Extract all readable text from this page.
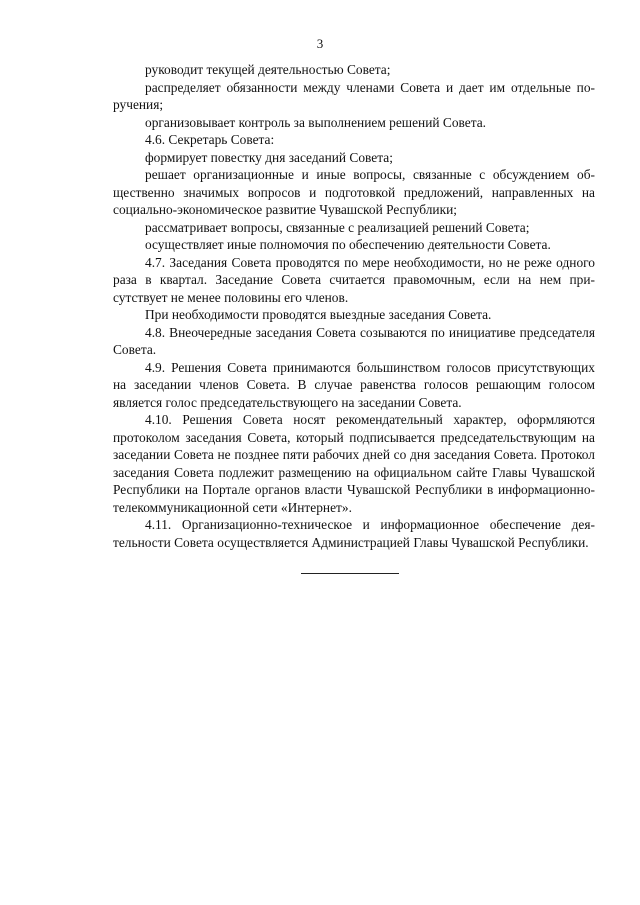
3

руководит текущей деятельностью Совета;

распределяет обязанности между членами Совета и дает им отдельные поручения;

организовывает контроль за выполнением решений Совета.

4.6. Секретарь Совета:

формирует повестку дня заседаний Совета;

решает организационные и иные вопросы, связанные с обсуждением общественно значимых вопросов и подготовкой предложений, направленных на социально-экономическое развитие Чувашской Республики;

рассматривает вопросы, связанные с реализацией решений Совета;

осуществляет иные полномочия по обеспечению деятельности Совета.

4.7. Заседания Совета проводятся по мере необходимости, но не реже одного раза в квартал. Заседание Совета считается правомочным, если на нем присутствует не менее половины его членов.

При необходимости проводятся выездные заседания Совета.

4.8. Внеочередные заседания Совета созываются по инициативе председателя Совета.

4.9. Решения Совета принимаются большинством голосов присутствующих на заседании членов Совета. В случае равенства голосов решающим голосом является голос председательствующего на заседании Совета.

4.10. Решения Совета носят рекомендательный характер, оформляются протоколом заседания Совета, который подписывается председательствующим на заседании Совета не позднее пяти рабочих дней со дня заседания Совета. Протокол заседания Совета подлежит размещению на официальном сайте Главы Чувашской Республики на Портале органов власти Чувашской Республики в информационно-телекоммуникационной сети «Интернет».

4.11. Организационно-техническое и информационное обеспечение деятельности Совета осуществляется Администрацией Главы Чувашской Республики.
